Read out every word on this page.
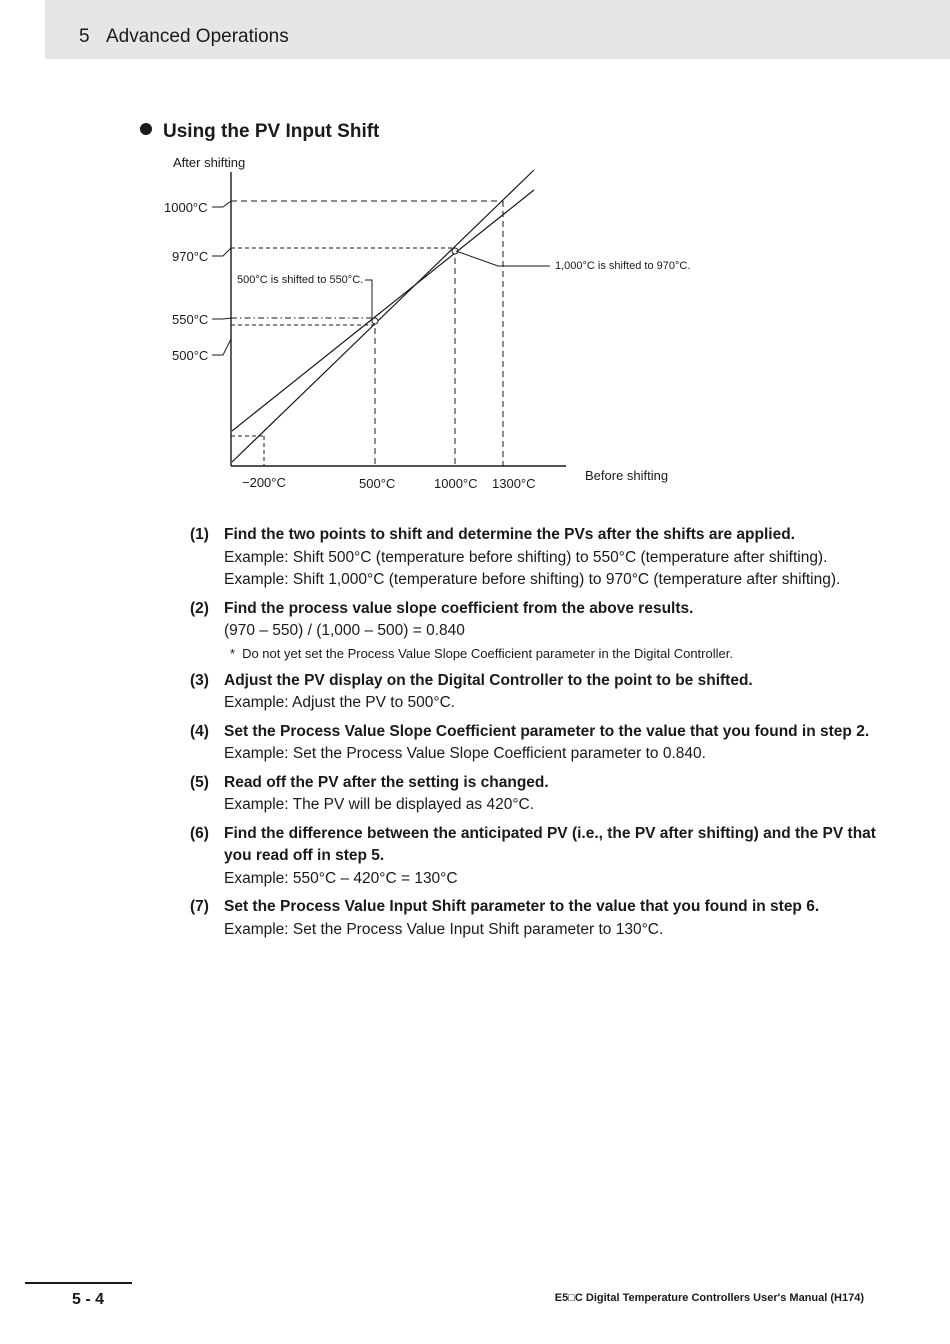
5 Advanced Operations
Using the PV Input Shift
After shifting
Before shifting
1000°C
970°C
550°C
500°C
−200°C	500°C	1000°C 1300°C
500°C is shifted to 550°C.
1,000°C is shifted to 970°C.
(1) Find the two points to shift and determine the PVs after the shifts are applied.
Example: Shift 500°C (temperature before shifting) to 550°C (temperature after shifting).
Example: Shift 1,000°C (temperature before shifting) to 970°C (temperature after shifting).
(2) Find the process value slope coefficient from the above results.
(970 – 550) / (1,000 – 500) = 0.840
* Do not yet set the Process Value Slope Coefficient parameter in the Digital Controller.
(3) Adjust the PV display on the Digital Controller to the point to be shifted.
Example: Adjust the PV to 500°C.
(4) Set the Process Value Slope Coefficient parameter to the value that you found in step 2.
Example: Set the Process Value Slope Coefficient parameter to 0.840.
(5) Read off the PV after the setting is changed.
Example: The PV will be displayed as 420°C.
(6) Find the difference between the anticipated PV (i.e., the PV after shifting) and the PV that you read off in step 5.
Example: 550°C – 420°C = 130°C
(7) Set the Process Value Input Shift parameter to the value that you found in step 6.
Example: Set the Process Value Input Shift parameter to 130°C.
5 - 4	E5□C Digital Temperature Controllers User's Manual (H174)
